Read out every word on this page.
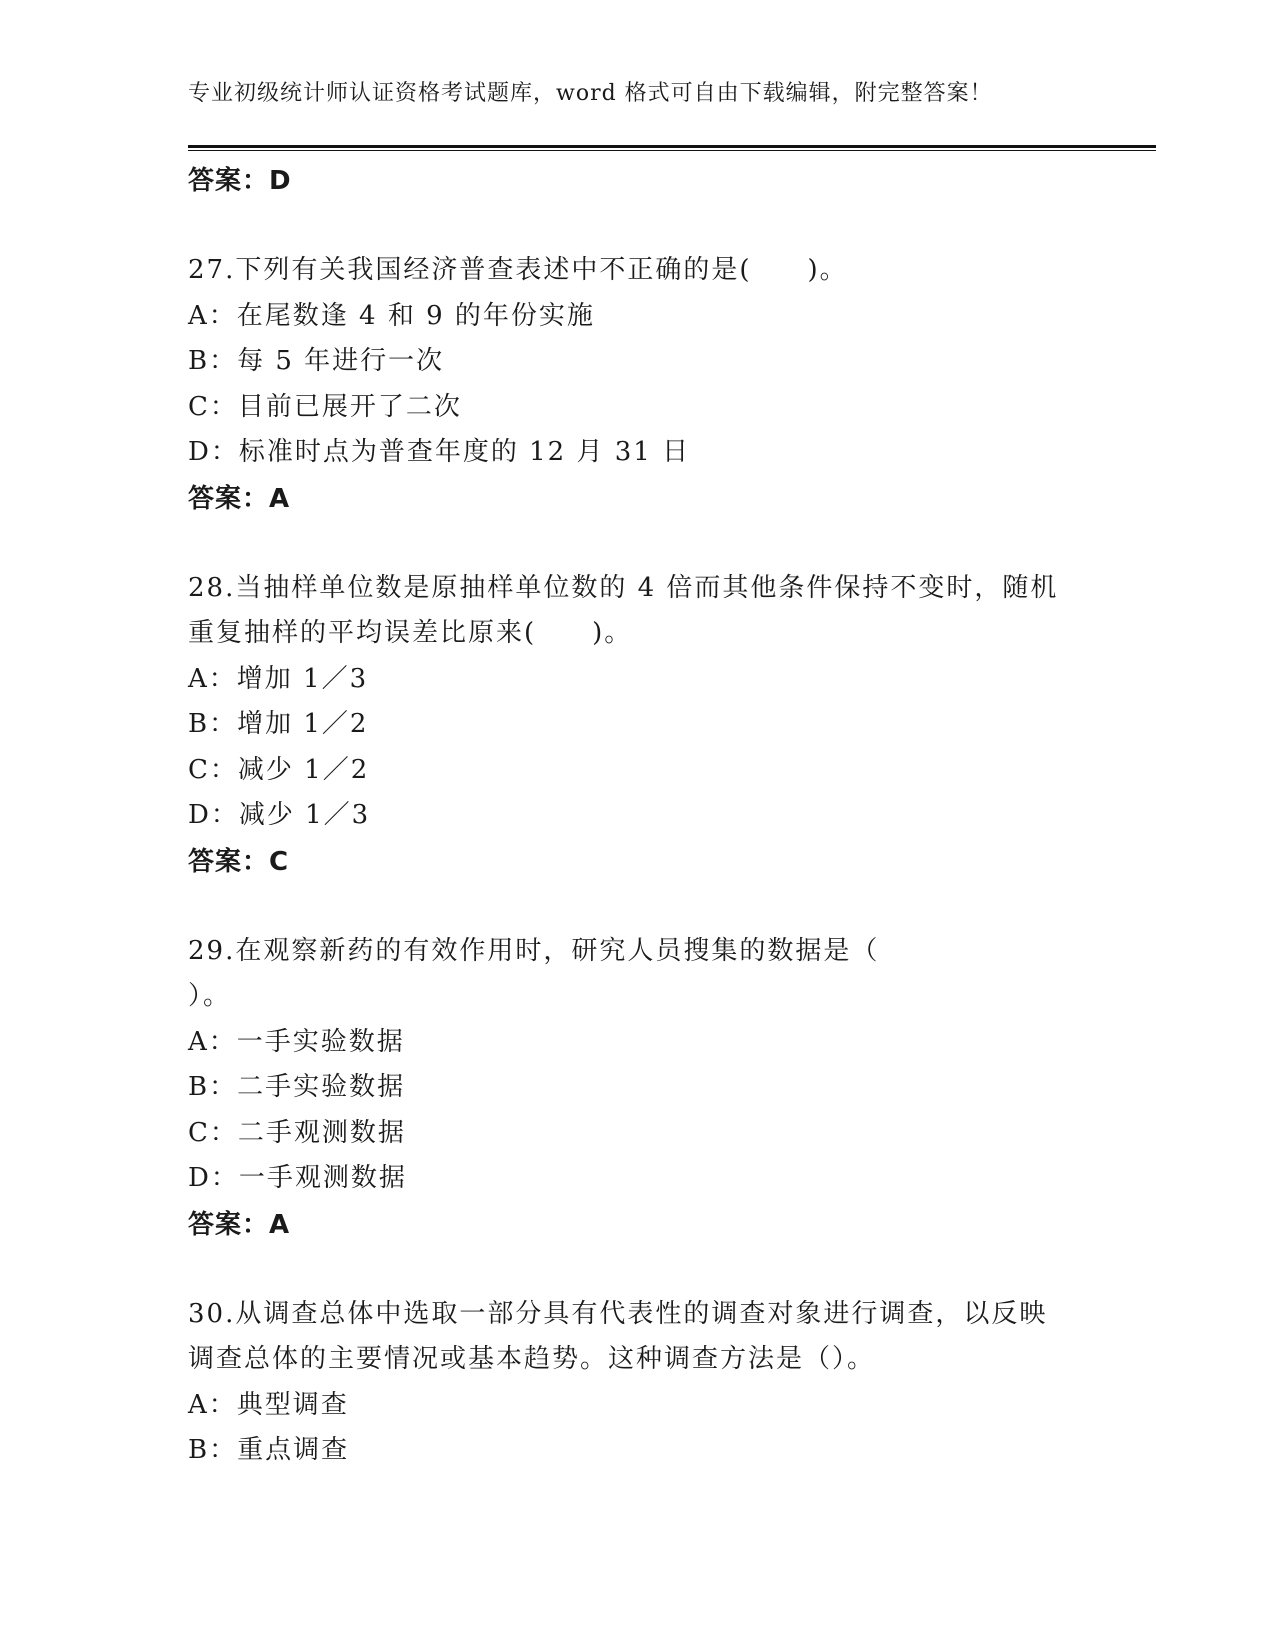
专业初级统计师认证资格考试题库，word 格式可自由下载编辑，附完整答案！
答案：D
27.下列有关我国经济普查表述中不正确的是(　　)。
A：在尾数逢 4 和 9 的年份实施
B：每 5 年进行一次
C：目前已展开了二次
D：标准时点为普查年度的 12 月 31 日
答案：A
28.当抽样单位数是原抽样单位数的 4 倍而其他条件保持不变时，随机
重复抽样的平均误差比原来(　　)。
A：增加 1／3
B：增加 1／2
C：减少 1／2
D：减少 1／3
答案：C
29.在观察新药的有效作用时，研究人员搜集的数据是（
）。
A：一手实验数据
B：二手实验数据
C：二手观测数据
D：一手观测数据
答案：A
30.从调查总体中选取一部分具有代表性的调查对象进行调查，以反映
调查总体的主要情况或基本趋势。这种调查方法是（）。
A：典型调查
B：重点调查
